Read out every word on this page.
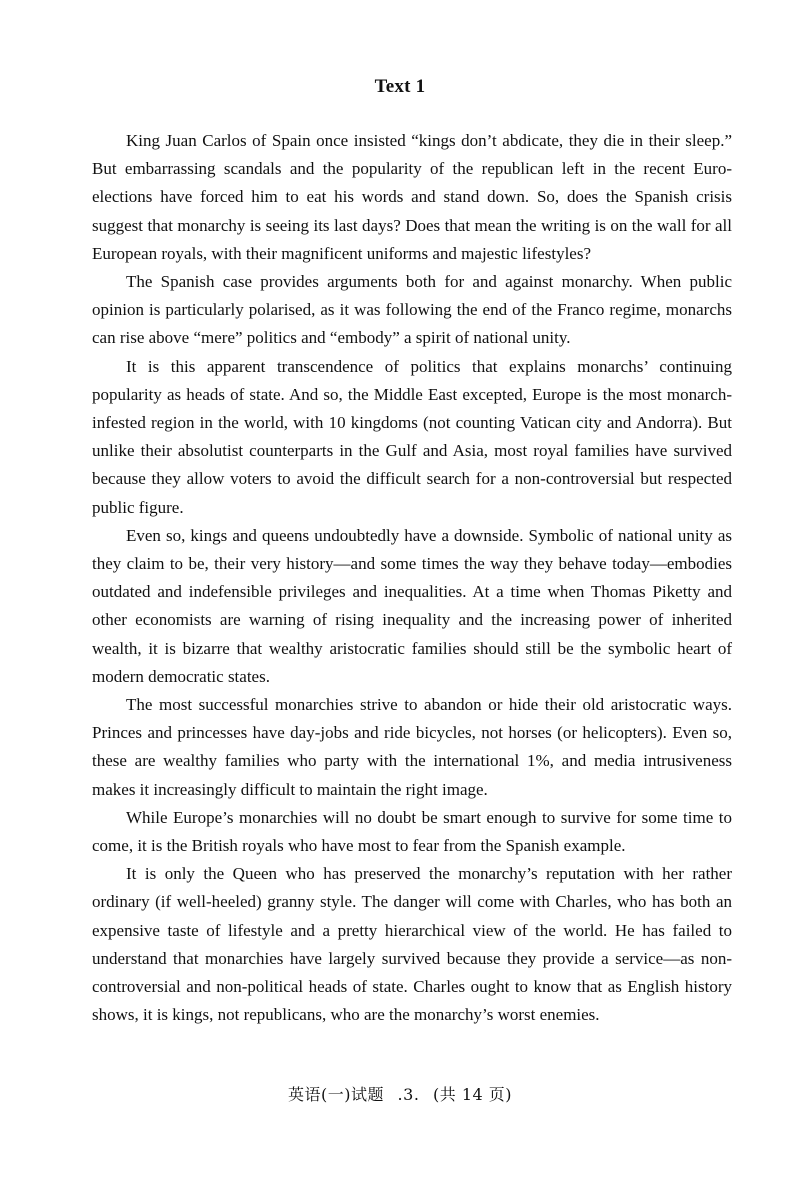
Text 1

King Juan Carlos of Spain once insisted “kings don’t abdicate, they die in their sleep.” But embarrassing scandals and the popularity of the republican left in the recent Euro-elections have forced him to eat his words and stand down. So, does the Spanish crisis suggest that monarchy is seeing its last days? Does that mean the writing is on the wall for all European royals, with their magnificent uniforms and majestic lifestyles?

The Spanish case provides arguments both for and against monarchy. When public opinion is particularly polarised, as it was following the end of the Franco regime, monarchs can rise above “mere” politics and “embody” a spirit of national unity.

It is this apparent transcendence of politics that explains monarchs’ continuing popularity as heads of state. And so, the Middle East excepted, Europe is the most monarch-infested region in the world, with 10 kingdoms (not counting Vatican city and Andorra). But unlike their absolutist counterparts in the Gulf and Asia, most royal families have survived because they allow voters to avoid the difficult search for a non-controversial but respected public figure.

Even so, kings and queens undoubtedly have a downside. Symbolic of national unity as they claim to be, their very history—and some times the way they behave today—embodies outdated and indefensible privileges and inequalities. At a time when Thomas Piketty and other economists are warning of rising inequality and the increasing power of inherited wealth, it is bizarre that wealthy aristocratic families should still be the symbolic heart of modern democratic states.

The most successful monarchies strive to abandon or hide their old aristocratic ways. Princes and princesses have day-jobs and ride bicycles, not horses (or helicopters). Even so, these are wealthy families who party with the international 1%, and media intrusiveness makes it increasingly difficult to maintain the right image.

While Europe’s monarchies will no doubt be smart enough to survive for some time to come, it is the British royals who have most to fear from the Spanish example.

It is only the Queen who has preserved the monarchy’s reputation with her rather ordinary (if well-heeled) granny style. The danger will come with Charles, who has both an expensive taste of lifestyle and a pretty hierarchical view of the world. He has failed to understand that monarchies have largely survived because they provide a service—as non-controversial and non-political heads of state. Charles ought to know that as English history shows, it is kings, not republicans, who are the monarchy’s worst enemies.

英语(一)试题 .3. (共 14 页)
